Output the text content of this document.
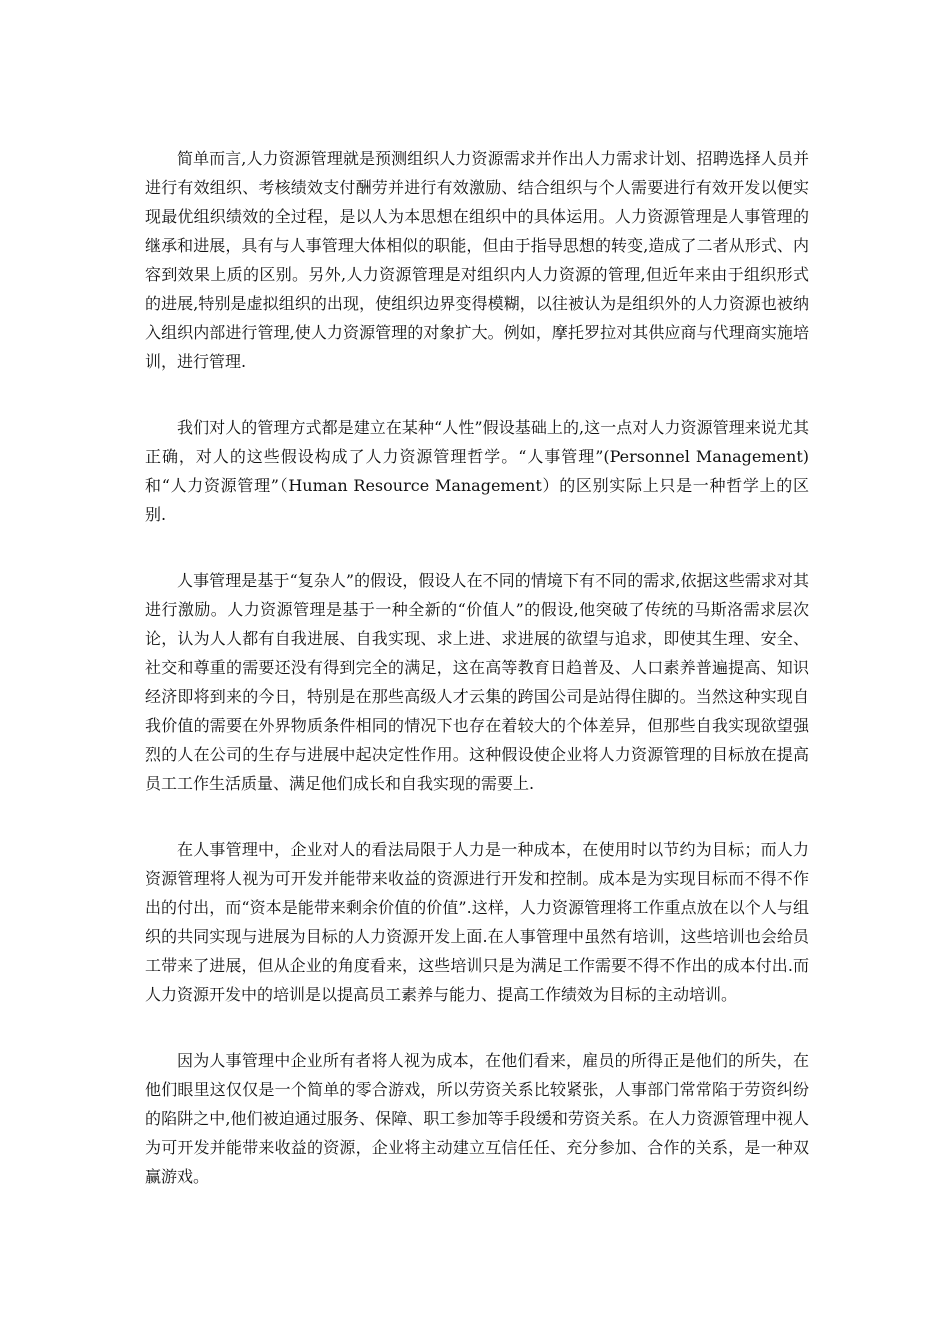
简单而言,人力资源管理就是预测组织人力资源需求并作出人力需求计划、招聘选择人员并进行有效组织、考核绩效支付酬劳并进行有效激励、结合组织与个人需要进行有效开发以便实现最优组织绩效的全过程，是以人为本思想在组织中的具体运用。人力资源管理是人事管理的继承和进展，具有与人事管理大体相似的职能，但由于指导思想的转变,造成了二者从形式、内容到效果上质的区别。另外,人力资源管理是对组织内人力资源的管理,但近年来由于组织形式的进展,特别是虚拟组织的出现，使组织边界变得模糊，以往被认为是组织外的人力资源也被纳入组织内部进行管理,使人力资源管理的对象扩大。例如，摩托罗拉对其供应商与代理商实施培训，进行管理.

我们对人的管理方式都是建立在某种“人性”假设基础上的,这一点对人力资源管理来说尤其正确，对人的这些假设构成了人力资源管理哲学。“人事管理”(Personnel Management)和“人力资源管理”（Human Resource Management）的区别实际上只是一种哲学上的区别.

人事管理是基于“复杂人”的假设，假设人在不同的情境下有不同的需求,依据这些需求对其进行激励。人力资源管理是基于一种全新的“价值人”的假设,他突破了传统的马斯洛需求层次论，认为人人都有自我进展、自我实现、求上进、求进展的欲望与追求，即使其生理、安全、社交和尊重的需要还没有得到完全的满足，这在高等教育日趋普及、人口素养普遍提高、知识经济即将到来的今日，特别是在那些高级人才云集的跨国公司是站得住脚的。当然这种实现自我价值的需要在外界物质条件相同的情况下也存在着较大的个体差异，但那些自我实现欲望强烈的人在公司的生存与进展中起决定性作用。这种假设使企业将人力资源管理的目标放在提高员工工作生活质量、满足他们成长和自我实现的需要上.

在人事管理中，企业对人的看法局限于人力是一种成本，在使用时以节约为目标；而人力资源管理将人视为可开发并能带来收益的资源进行开发和控制。成本是为实现目标而不得不作出的付出，而“资本是能带来剩余价值的价值”.这样，人力资源管理将工作重点放在以个人与组织的共同实现与进展为目标的人力资源开发上面.在人事管理中虽然有培训，这些培训也会给员工带来了进展，但从企业的角度看来，这些培训只是为满足工作需要不得不作出的成本付出.而人力资源开发中的培训是以提高员工素养与能力、提高工作绩效为目标的主动培训。

因为人事管理中企业所有者将人视为成本，在他们看来，雇员的所得正是他们的所失，在他们眼里这仅仅是一个简单的零合游戏，所以劳资关系比较紧张，人事部门常常陷于劳资纠纷的陷阱之中,他们被迫通过服务、保障、职工参加等手段缓和劳资关系。在人力资源管理中视人为可开发并能带来收益的资源，企业将主动建立互信任任、充分参加、合作的关系，是一种双赢游戏。
